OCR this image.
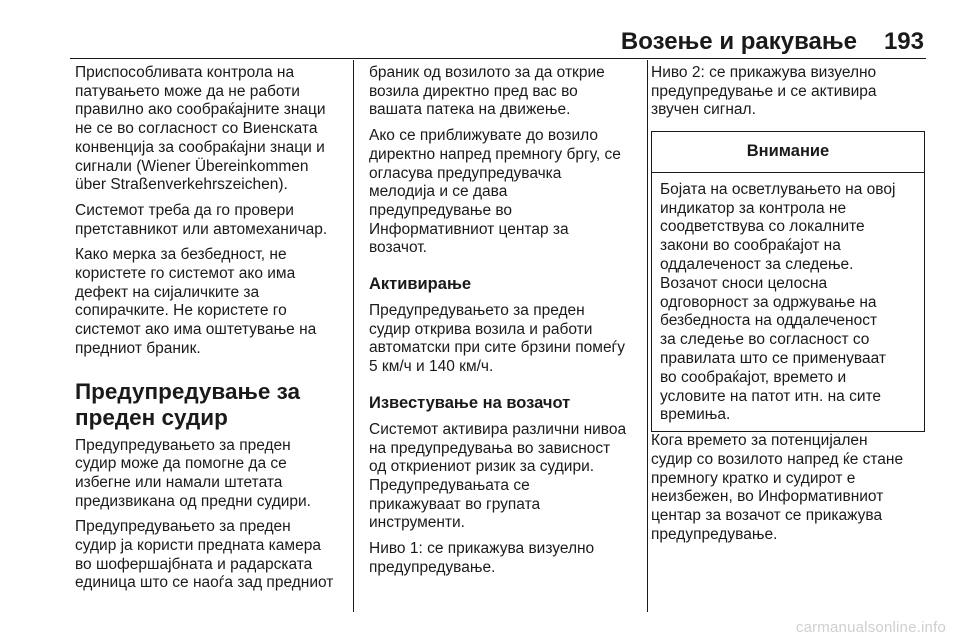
Возење и ракување 193

Приспособливата контрола на
патувањето може да не работи
правилно ако сообраќајните знаци
не се во согласност со Виенската
конвенција за сообраќајни знаци и
сигнали (Wiener Übereinkommen
über Straßenverkehrszeichen).

Системот треба да го провери
претставникот или автомеханичар.

Како мерка за безбедност, не
користете го системот ако има
дефект на сијаличките за
сопирачките. Не користете го
системот ако има оштетување на
предниот браник.

Предупредување за
преден судир

Предупредувањето за преден
судир може да помогне да се
избегне или намали штетата
предизвикана од предни судири.

Предупредувањето за преден
судир ја користи предната камера
во шофершајбната и радарската
единица што се наоѓа зад предниот

браник од возилото за да открие
возила директно пред вас во
вашата патека на движење.

Ако се приближувате до возило
директно напред премногу бргу, се
огласува предупредувачка
мелодија и се дава
предупредување во
Информативниот центар за
возачот.

Активирање

Предупредувањето за преден
судир открива возила и работи
автоматски при сите брзини помеѓу
5 км/ч и 140 км/ч.

Известување на возачот

Системот активира различни нивоа
на предупредувања во зависност
од откриениот ризик за судири.
Предупредувањата се
прикажуваат во групата
инструменти.

Ниво 1: се прикажува визуелно
предупредување.

Ниво 2: се прикажува визуелно
предупредување и се активира
звучен сигнал.

Внимание
Бојата на осветлувањето на овој
индикатор за контрола не
соодветствува со локалните
закони во сообраќајот на
оддалеченост за следење.
Возачот сноси целосна
одговорност за одржување на
безбедноста на оддалеченост
за следење во согласност со
правилата што се применуваат
во сообраќајот, времето и
условите на патот итн. на сите
времиња.

Кога времето за потенцијален
судир со возилото напред ќе стане
премногу кратко и судирот е
неизбежен, во Информативниот
центар за возачот се прикажува
предупредување.

carmanualsonline.info
